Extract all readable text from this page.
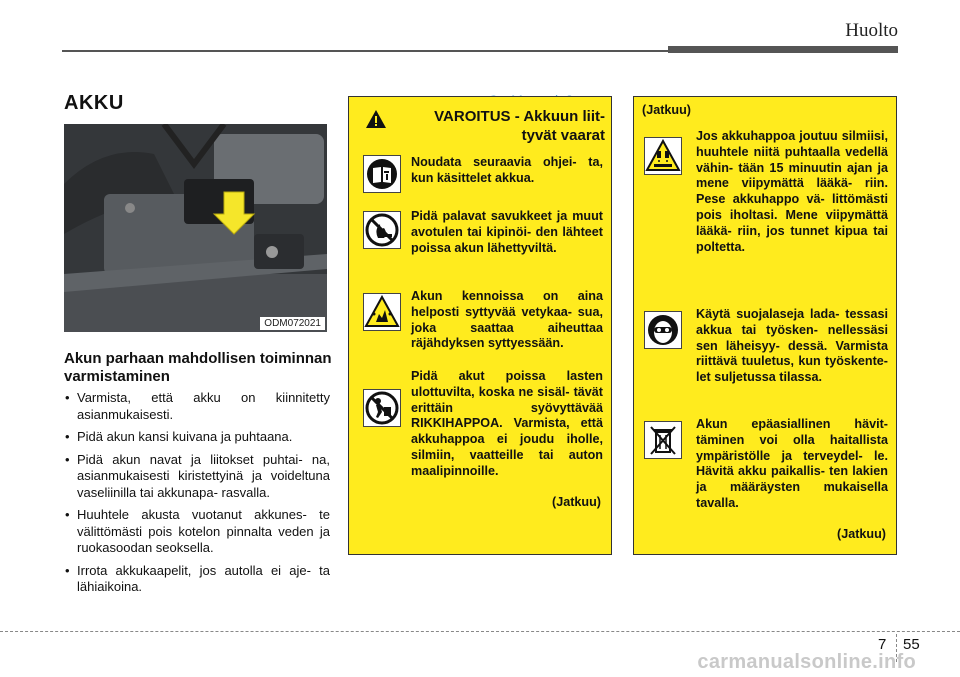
Huolto
AKKU
ODM072021
Akun parhaan mahdollisen toiminnan varmistaminen
• Varmista, että akku on kiinnitetty asianmukaisesti.
• Pidä akun kansi kuivana ja puhtaana.
• Pidä akun navat ja liitokset puhtai- na, asianmukaisesti kiristettyinä ja voideltuna vaseliinilla tai akkunapa- rasvalla.
• Huuhtele akusta vuotanut akkunes- te välittömästi pois kotelon pinnalta veden ja ruokasoodan seoksella.
• Irrota akkukaapelit, jos autolla ei aje- ta lähiaikoina.
VAROITUS - Akkuun liit-
tyvät vaarat
Noudata seuraavia ohjei- ta, kun käsittelet akkua.
Pidä palavat savukkeet ja muut avotulen tai kipinöi- den lähteet poissa akun lähettyviltä.
Akun kennoissa on aina helposti syttyvää vetykaa- sua, joka saattaa aiheuttaa räjähdyksen syttyessään.
Pidä akut poissa lasten ulottuvilta, koska ne sisäl- tävät erittäin syövyttävää RIKKIHAPPOA. Varmista, että akkuhappoa ei joudu iholle, silmiin, vaatteille tai auton maalipinnoille.
(Jatkuu)
(Jatkuu)
Jos akkuhappoa joutuu silmiisi, huuhtele niitä puhtaalla vedellä vähin- tään 15 minuutin ajan ja mene viipymättä lääkä- riin. Pese akkuhappo vä- littömästi pois iholtasi. Mene viipymättä lääkä- riin, jos tunnet kipua tai poltetta.
Käytä suojalaseja lada- tessasi akkua tai työsken- nellessäsi sen läheisyy- dessä. Varmista riittävä tuuletus, kun työskente- let suljetussa tilassa.
Akun epäasiallinen hävit- täminen voi olla haitallista ympäristölle ja terveydel- le. Hävitä akku paikallis- ten lakien ja määräysten mukaisella tavalla.
(Jatkuu)
7 55
carmanualsonline.info
